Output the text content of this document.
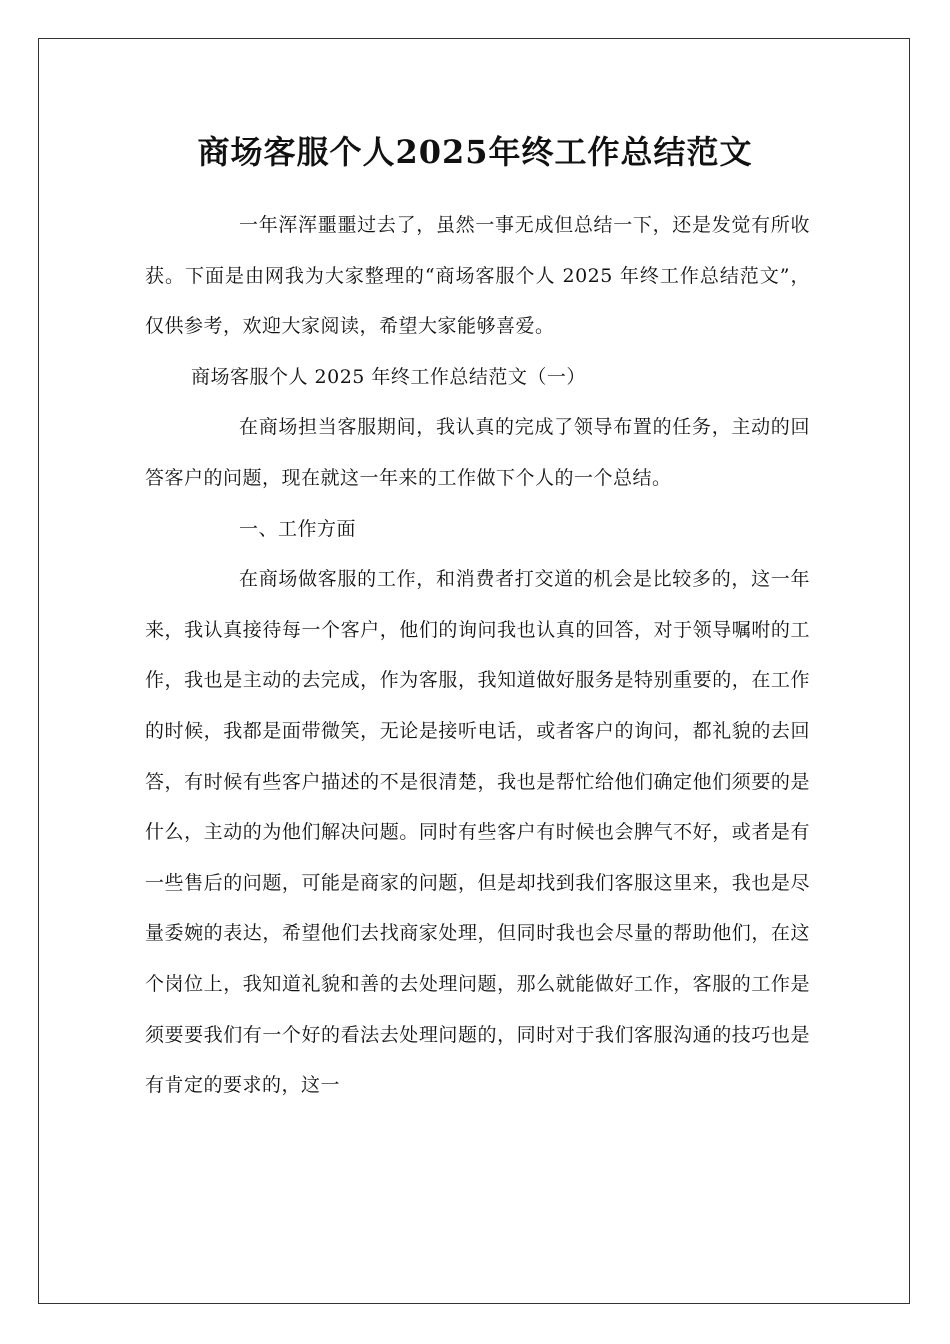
商场客服个人2025年终工作总结范文

一年浑浑噩噩过去了，虽然一事无成但总结一下，还是发觉有所收获。下面是由网我为大家整理的“商场客服个人 2025 年终工作总结范文”，仅供参考，欢迎大家阅读，希望大家能够喜爱。

商场客服个人 2025 年终工作总结范文（一）

在商场担当客服期间，我认真的完成了领导布置的任务，主动的回答客户的问题，现在就这一年来的工作做下个人的一个总结。

一、工作方面

在商场做客服的工作，和消费者打交道的机会是比较多的，这一年来，我认真接待每一个客户，他们的询问我也认真的回答，对于领导嘱咐的工作，我也是主动的去完成，作为客服，我知道做好服务是特别重要的，在工作的时候，我都是面带微笑，无论是接听电话，或者客户的询问，都礼貌的去回答，有时候有些客户描述的不是很清楚，我也是帮忙给他们确定他们须要的是什么，主动的为他们解决问题。同时有些客户有时候也会脾气不好，或者是有一些售后的问题，可能是商家的问题，但是却找到我们客服这里来，我也是尽量委婉的表达，希望他们去找商家处理，但同时我也会尽量的帮助他们，在这个岗位上，我知道礼貌和善的去处理问题，那么就能做好工作，客服的工作是须要要我们有一个好的看法去处理问题的，同时对于我们客服沟通的技巧也是有肯定的要求的，这一
